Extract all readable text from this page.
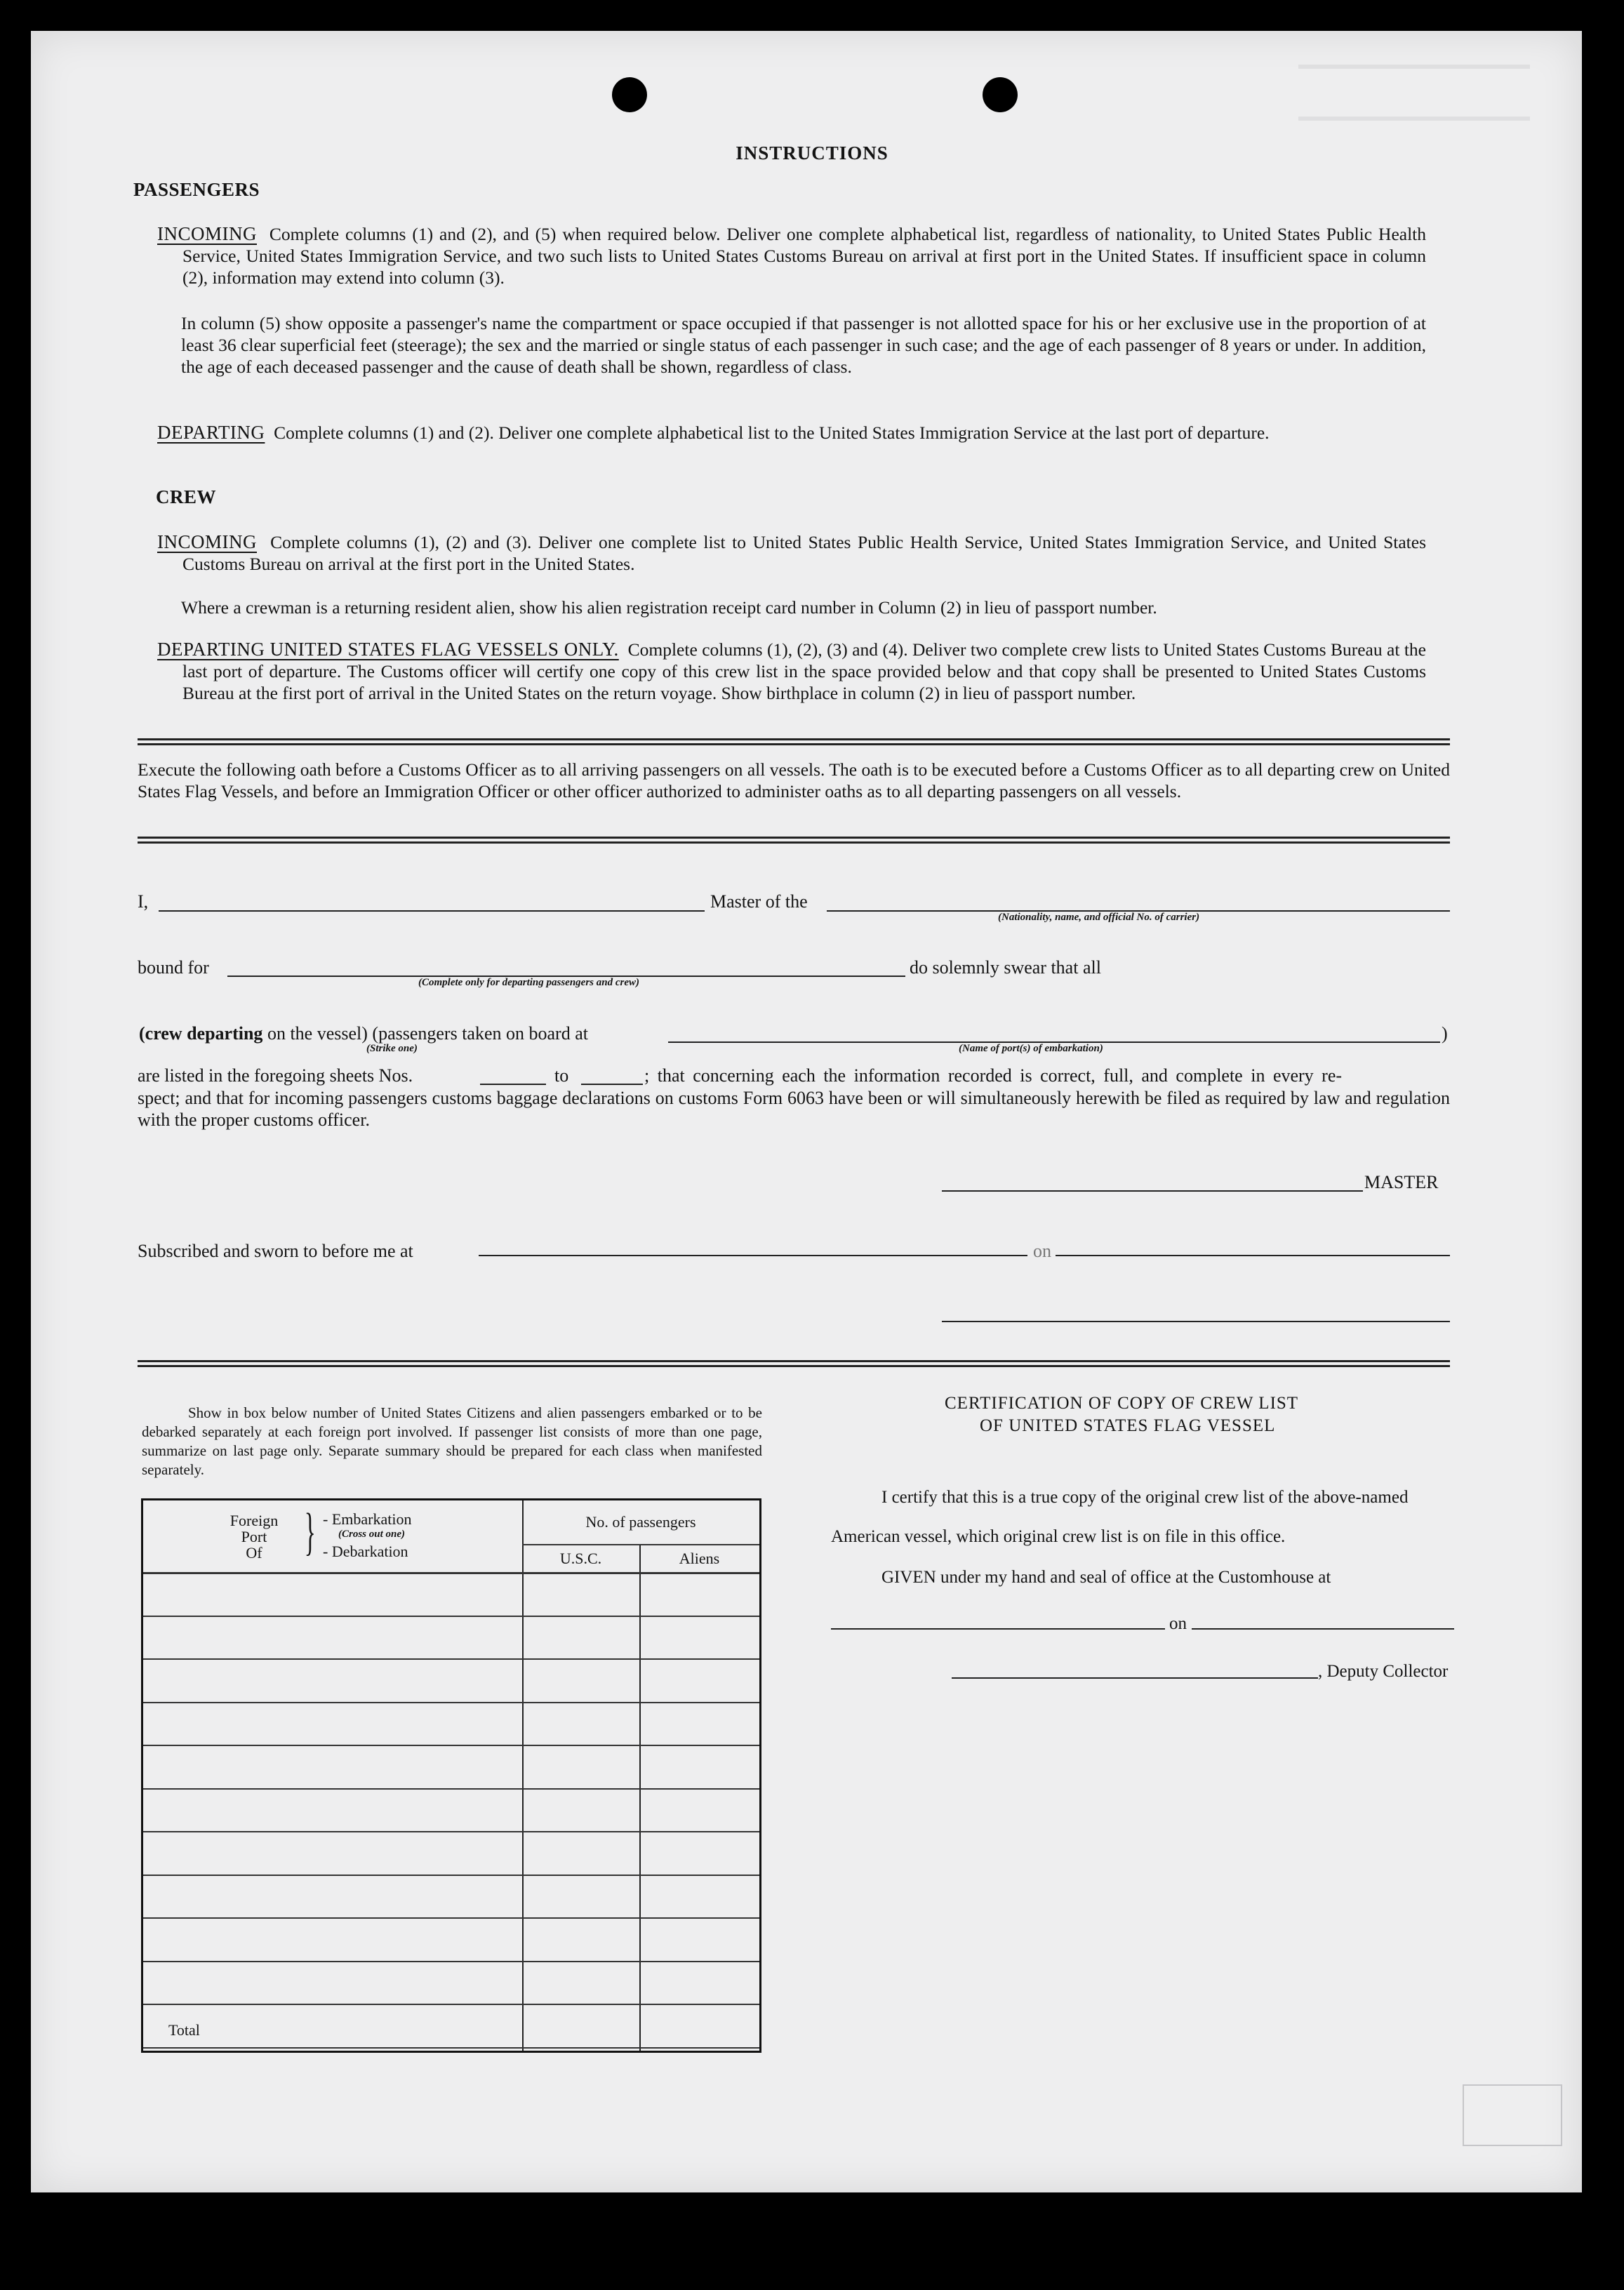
INSTRUCTIONS
PASSENGERS
INCOMING Complete columns (1) and (2), and (5) when required below. Deliver one complete alphabetical list, regardless of nationality, to United States Public Health Service, United States Immigration Service, and two such lists to United States Customs Bureau on arrival at first port in the United States. If insufficient space in column (2), information may extend into column (3).
In column (5) show opposite a passenger's name the compartment or space occupied if that passenger is not allotted space for his or her exclusive use in the proportion of at least 36 clear superficial feet (steerage); the sex and the married or single status of each passenger in such case; and the age of each passenger of 8 years or under. In addition, the age of each deceased passenger and the cause of death shall be shown, regardless of class.
DEPARTING Complete columns (1) and (2). Deliver one complete alphabetical list to the United States Immigration Service at the last port of departure.
CREW
INCOMING Complete columns (1), (2) and (3). Deliver one complete list to United States Public Health Service, United States Immigration Service, and United States Customs Bureau on arrival at the first port in the United States.
Where a crewman is a returning resident alien, show his alien registration receipt card number in Column (2) in lieu of passport number.
DEPARTING UNITED STATES FLAG VESSELS ONLY. Complete columns (1), (2), (3) and (4). Deliver two complete crew lists to United States Customs Bureau at the last port of departure. The Customs officer will certify one copy of this crew list in the space provided below and that copy shall be presented to United States Customs Bureau at the first port of arrival in the United States on the return voyage. Show birthplace in column (2) in lieu of passport number.
Execute the following oath before a Customs Officer as to all arriving passengers on all vessels. The oath is to be executed before a Customs Officer as to all departing crew on United States Flag Vessels, and before an Immigration Officer or other officer authorized to administer oaths as to all departing passengers on all vessels.
I,	Master of the
(Nationality, name, and official No. of carrier)
bound for
(Complete only for departing passengers and crew)
do solemnly swear that all
(crew departing on the vessel) (passengers taken on board at	)
(Strike one)	(Name of port(s) of embarkation)
are listed in the foregoing sheets Nos.	to	; that concerning each the information recorded is correct, full, and complete in every re-
spect; and that for incoming passengers customs baggage declarations on customs Form 6063 have been or will simultaneously herewith be filed as required by law and regulation with the proper customs officer.
MASTER
Subscribed and sworn to before me at	on
Show in box below number of United States Citizens and alien passengers embarked or to be debarked separately at each foreign port involved. If passenger list consists of more than one page, summarize on last page only. Separate summary should be prepared for each class when manifested separately.
Foreign
Port
Of } - Embarkation
(Cross out one)
- Debarkation
No. of passengers
U.S.C.	Aliens
Total
CERTIFICATION OF COPY OF CREW LIST
OF UNITED STATES FLAG VESSEL
I certify that this is a true copy of the original crew list of the above-named
American vessel, which original crew list is on file in this office.
GIVEN under my hand and seal of office at the Customhouse at
on
, Deputy Collector
